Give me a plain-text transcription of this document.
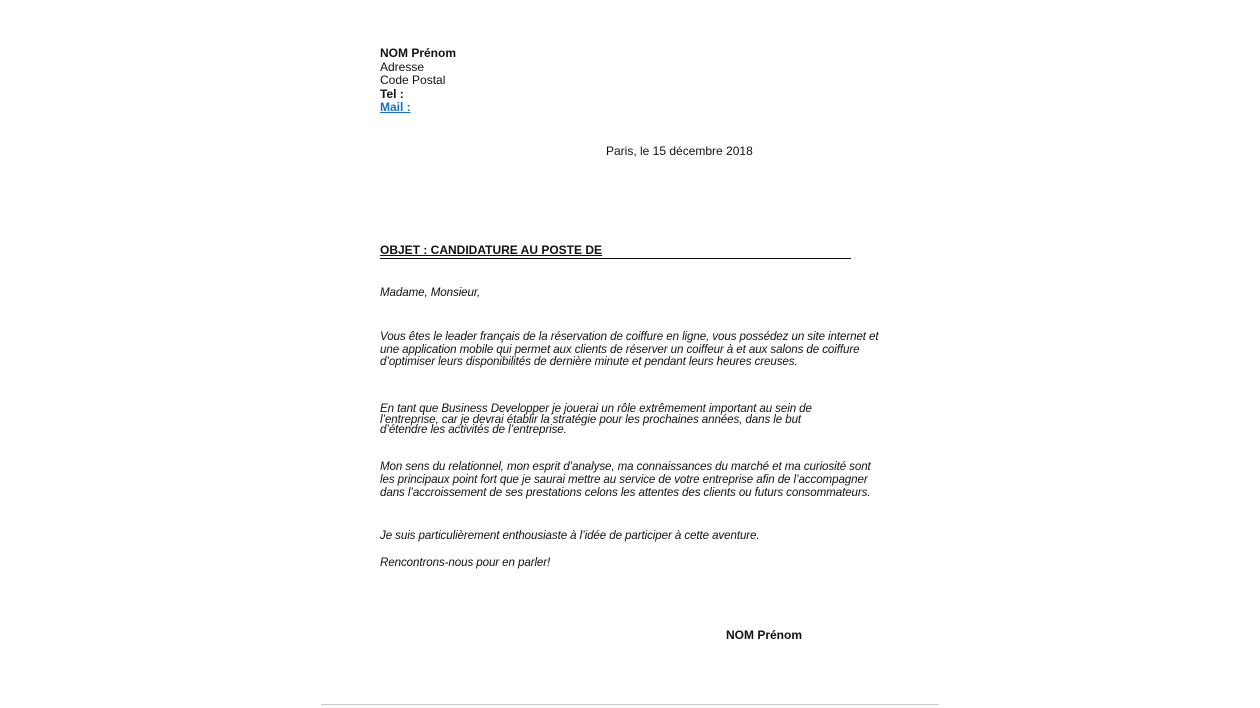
NOM Prénom
Adresse
Code Postal
Tel :
Mail :
Paris, le 15 décembre 2018
OBJET : CANDIDATURE AU POSTE DE
Madame, Monsieur,
Vous êtes le leader français de la réservation de coiffure en ligne, vous possédez un site internet et une application mobile qui permet aux clients de réserver un coiffeur à et aux salons de coiffure d’optimiser leurs disponibilités de dernière minute et pendant leurs heures creuses.
En tant que Business Developper je jouerai un rôle extrêmement important au sein de l’entreprise, car je devrai établir la stratégie pour les prochaines années, dans le but d’étendre les activités de l’entreprise.
Mon sens du relationnel, mon esprit d’analyse, ma connaissances du marché et ma curiosité sont les principaux point fort que je saurai mettre au service de votre entreprise afin de l’accompagner dans l’accroissement de ses prestations celons les attentes des clients ou futurs consommateurs.
Je suis particulièrement enthousiaste à l’idée de participer à cette aventure.
Rencontrons-nous pour en parler!
NOM Prénom
